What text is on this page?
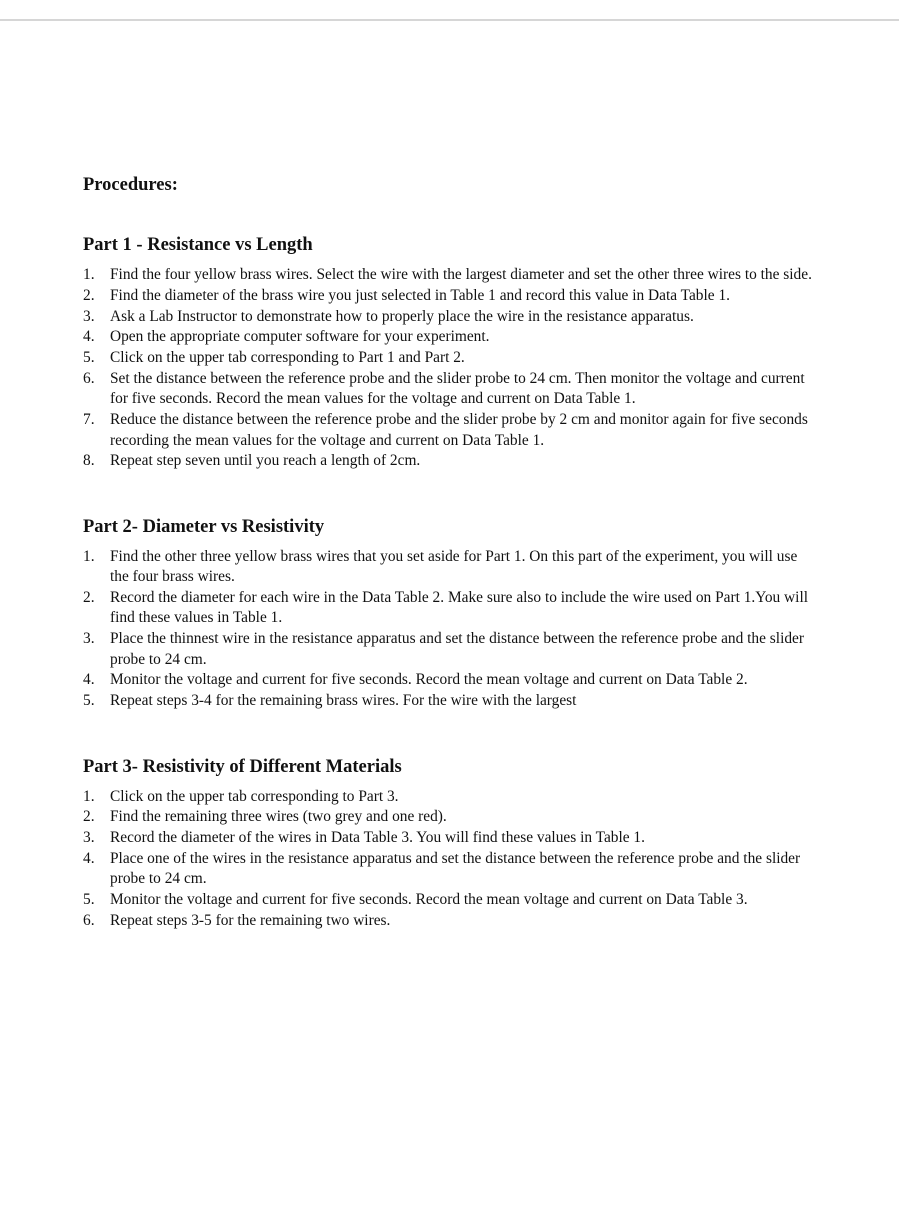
Procedures:
Part 1 - Resistance vs Length
1. Find the four yellow brass wires. Select the wire with the largest diameter and set the other three wires to the side.
2. Find the diameter of the brass wire you just selected in Table 1 and record this value in Data Table 1.
3. Ask a Lab Instructor to demonstrate how to properly place the wire in the resistance apparatus.
4. Open the appropriate computer software for your experiment.
5. Click on the upper tab corresponding to Part 1 and Part 2.
6. Set the distance between the reference probe and the slider probe to 24 cm. Then monitor the voltage and current for five seconds. Record the mean values for the voltage and current on Data Table 1.
7. Reduce the distance between the reference probe and the slider probe by 2 cm and monitor again for five seconds recording the mean values for the voltage and current on Data Table 1.
8. Repeat step seven until you reach a length of 2cm.
Part 2- Diameter vs Resistivity
1. Find the other three yellow brass wires that you set aside for Part 1. On this part of the experiment, you will use the four brass wires.
2. Record the diameter for each wire in the Data Table 2. Make sure also to include the wire used on Part 1.You will find these values in Table 1.
3. Place the thinnest wire in the resistance apparatus and set the distance between the reference probe and the slider probe to 24 cm.
4. Monitor the voltage and current for five seconds. Record the mean voltage and current on Data Table 2.
5. Repeat steps 3-4 for the remaining brass wires. For the wire with the largest
Part 3- Resistivity of Different Materials
1. Click on the upper tab corresponding to Part 3.
2. Find the remaining three wires (two grey and one red).
3. Record the diameter of the wires in Data Table 3. You will find these values in Table 1.
4. Place one of the wires in the resistance apparatus and set the distance between the reference probe and the slider probe to 24 cm.
5. Monitor the voltage and current for five seconds. Record the mean voltage and current on Data Table 3.
6. Repeat steps 3-5 for the remaining two wires.
